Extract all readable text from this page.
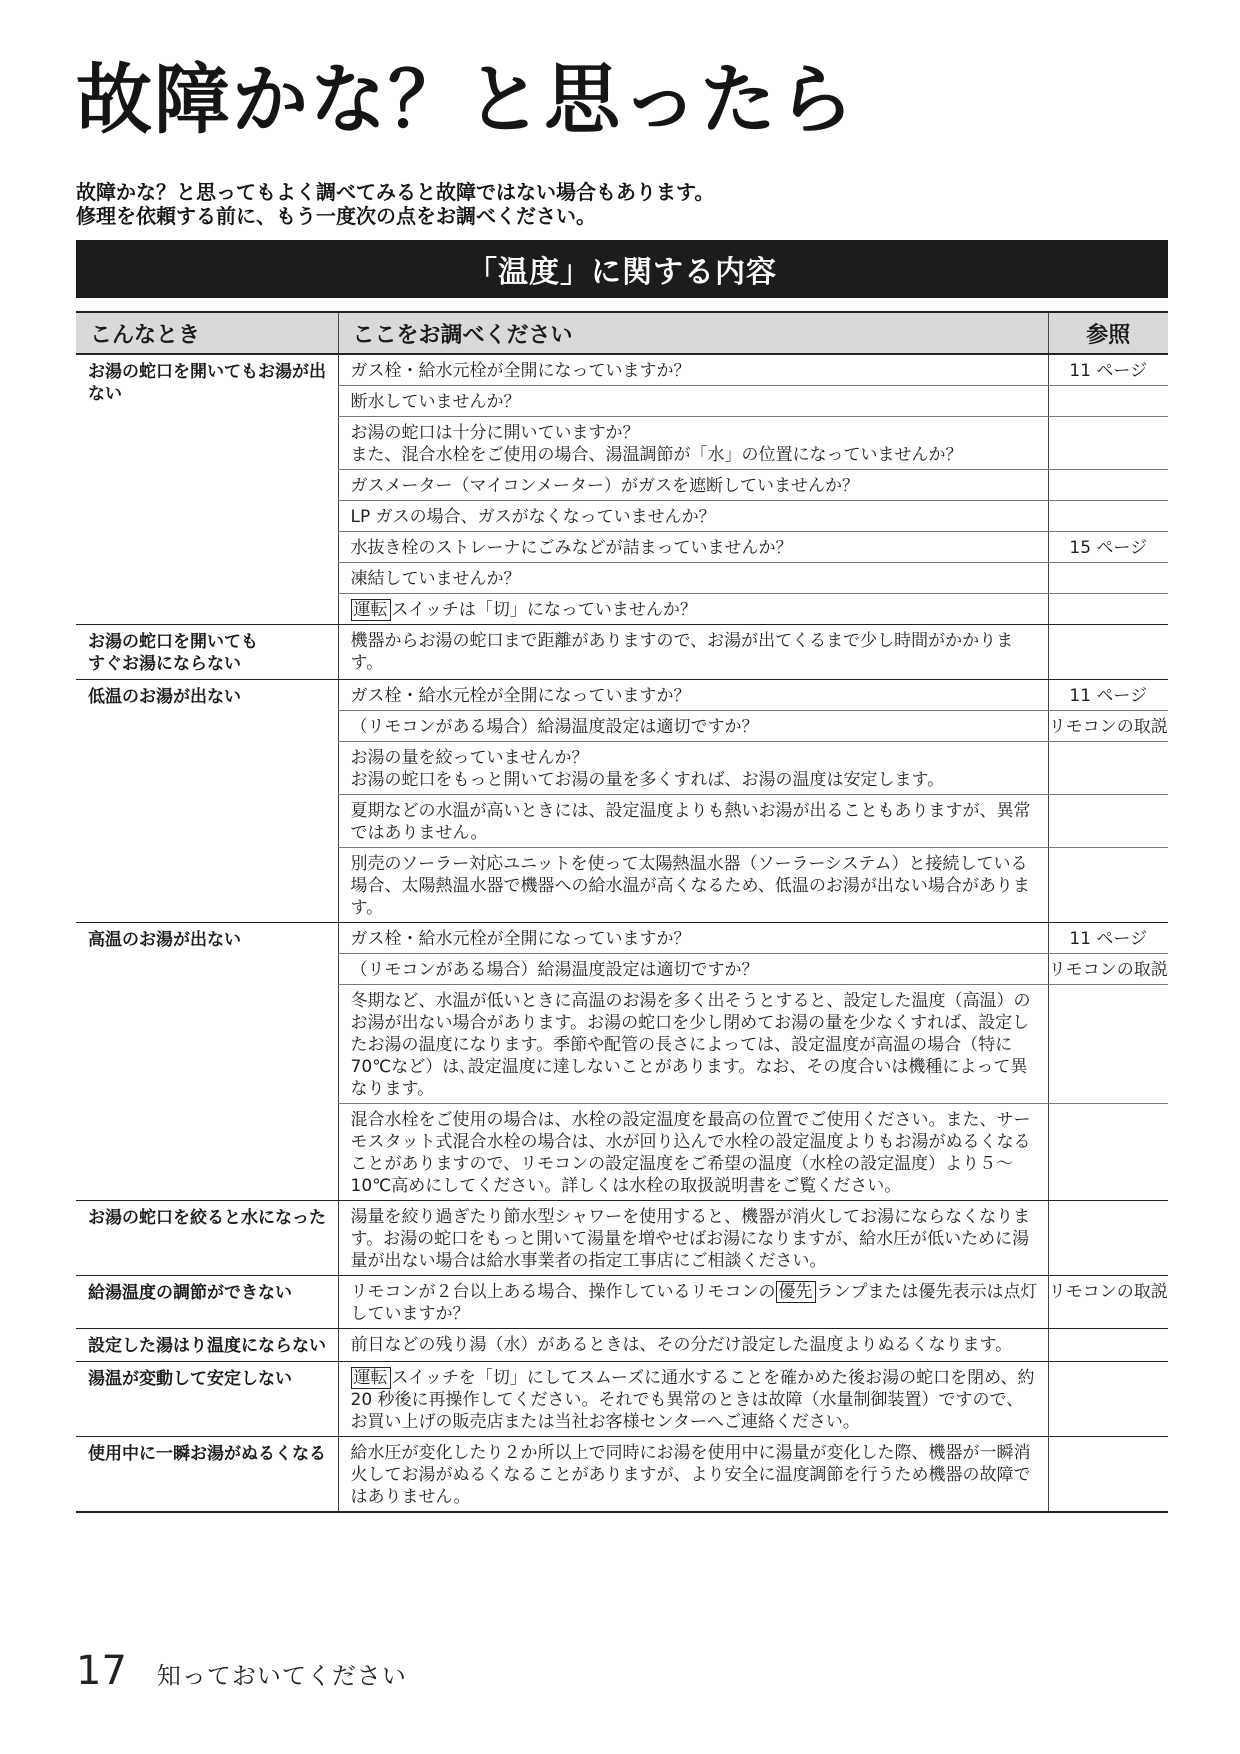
故障かな？と思ったら

故障かな？と思ってもよく調べてみると故障ではない場合もあります。

修理を依頼する前に、もう一度次の点をお調べください。

「温度」に関する内容
こんなとき	ここをお調べください	参照
お湯の蛇口を開いてもお湯が出ない	ガス栓・給水元栓が全開になっていますか？	11 ページ
	断水していませんか？	
	お湯の蛇口は十分に開いていますか？
また、混合水栓をご使用の場合、湯温調節が「水」の位置になっていませんか？	
	ガスメーター（マイコンメーター）がガスを遮断していませんか？	
	LP ガスの場合、ガスがなくなっていませんか？	
	水抜き栓のストレーナにごみなどが詰まっていませんか？	15 ページ
	凍結していませんか？	
	運転 スイッチは「切」になっていませんか？	
お湯の蛇口を開いても
すぐお湯にならない	機器からお湯の蛇口まで距離がありますので、お湯が出てくるまで少し時間がかかります。	
低温のお湯が出ない	ガス栓・給水元栓が全開になっていますか？	11 ページ
	（リモコンがある場合）給湯温度設定は適切ですか？	リモコンの取説
	お湯の量を絞っていませんか？
お湯の蛇口をもっと開いてお湯の量を多くすれば、お湯の温度は安定します。	
	夏期などの水温が高いときには、設定温度よりも熱いお湯が出ることもありますが、異常ではありません。	
	別売のソーラー対応ユニットを使って太陽熱温水器（ソーラーシステム）と接続している場合、太陽熱温水器で機器への給水温が高くなるため、低温のお湯が出ない場合があります。	
高温のお湯が出ない	ガス栓・給水元栓が全開になっていますか？	11 ページ
	（リモコンがある場合）給湯温度設定は適切ですか？	リモコンの取説
	冬期など、水温が低いときに高温のお湯を多く出そうとすると、設定した温度（高温）のお湯が出ない場合があります。お湯の蛇口を少し閉めてお湯の量を少なくすれば、設定したお湯の温度になります。季節や配管の長さによっては、設定温度が高温の場合（特に 70℃など）は､設定温度に達しないことがあります。なお、その度合いは機種によって異なります。	
	混合水栓をご使用の場合は、水栓の設定温度を最高の位置でご使用ください。また、サーモスタット式混合水栓の場合は、水が回り込んで水栓の設定温度よりもお湯がぬるくなることがありますので、リモコンの設定温度をご希望の温度（水栓の設定温度）より５～ 10℃高めにしてください。詳しくは水栓の取扱説明書をご覧ください。	
お湯の蛇口を絞ると水になった	湯量を絞り過ぎたり節水型シャワーを使用すると、機器が消火してお湯にならなくなります。お湯の蛇口をもっと開いて湯量を増やせばお湯になりますが、給水圧が低いために湯量が出ない場合は給水事業者の指定工事店にご相談ください。	
給湯温度の調節ができない	リモコンが２台以上ある場合、操作しているリモコンの 優先 ランプまたは優先表示は点灯していますか？	リモコンの取説
設定した湯はり温度にならない	前日などの残り湯（水）があるときは、その分だけ設定した温度よりぬるくなります。	
湯温が変動して安定しない	運転 スイッチを「切」にしてスムーズに通水することを確かめた後お湯の蛇口を閉め、約 20 秒後に再操作してください。それでも異常のときは故障（水量制御装置）ですので、お買い上げの販売店または当社お客様センターへご連絡ください。	
使用中に一瞬お湯がぬるくなる	給水圧が変化したり２か所以上で同時にお湯を使用中に湯量が変化した際、機器が一瞬消火してお湯がぬるくなることがありますが、より安全に温度調節を行うため機器の故障ではありません。	
17 知っておいてください
